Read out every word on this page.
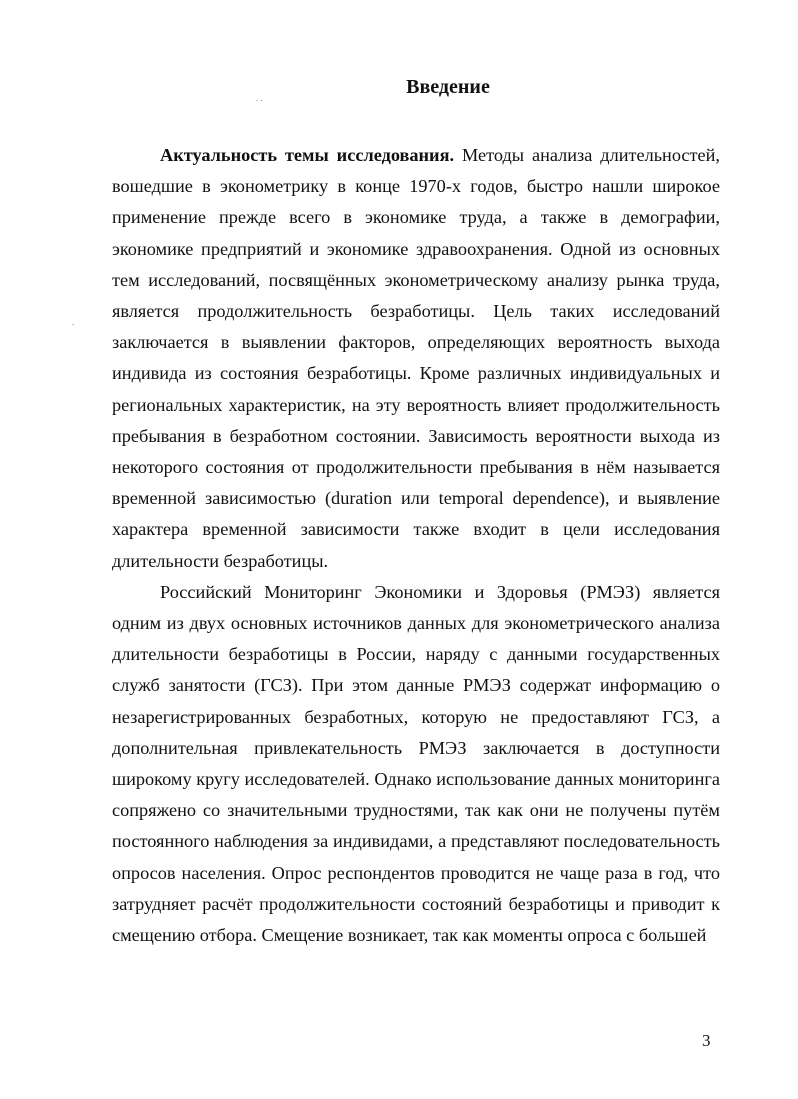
Введение
. .
.

Актуальность темы исследования. Методы анализа длительностей, вошедшие в эконометрику в конце 1970-х годов, быстро нашли широкое применение прежде всего в экономике труда, а также в демографии, экономике предприятий и экономике здравоохранения. Одной из основных тем исследований, посвящённых эконометрическому анализу рынка труда, является продолжительность безработицы. Цель таких исследований заключается в выявлении факторов, определяющих вероятность выхода индивида из состояния безработицы. Кроме различных индивидуальных и региональных характеристик, на эту вероятность влияет продолжительность пребывания в безработном состоянии. Зависимость вероятности выхода из некоторого состояния от продолжительности пребывания в нём называется временной зависимостью (duration или temporal dependence), и выявление характера временной зависимости также входит в цели исследования длительности безработицы.

Российский Мониторинг Экономики и Здоровья (РМЭЗ) является одним из двух основных источников данных для эконометрического анализа длительности безработицы в России, наряду с данными государственных служб занятости (ГСЗ). При этом данные РМЭЗ содержат информацию о незарегистрированных безработных, которую не предоставляют ГСЗ, а дополнительная привлекательность РМЭЗ заключается в доступности широкому кругу исследователей. Однако использование данных мониторинга сопряжено со значительными трудностями, так как они не получены путём постоянного наблюдения за индивидами, а представляют последовательность опросов населения. Опрос респондентов проводится не чаще раза в год, что затрудняет расчёт продолжительности состояний безработицы и приводит к смещению отбора. Смещение возникает, так как моменты опроса с большей

3
